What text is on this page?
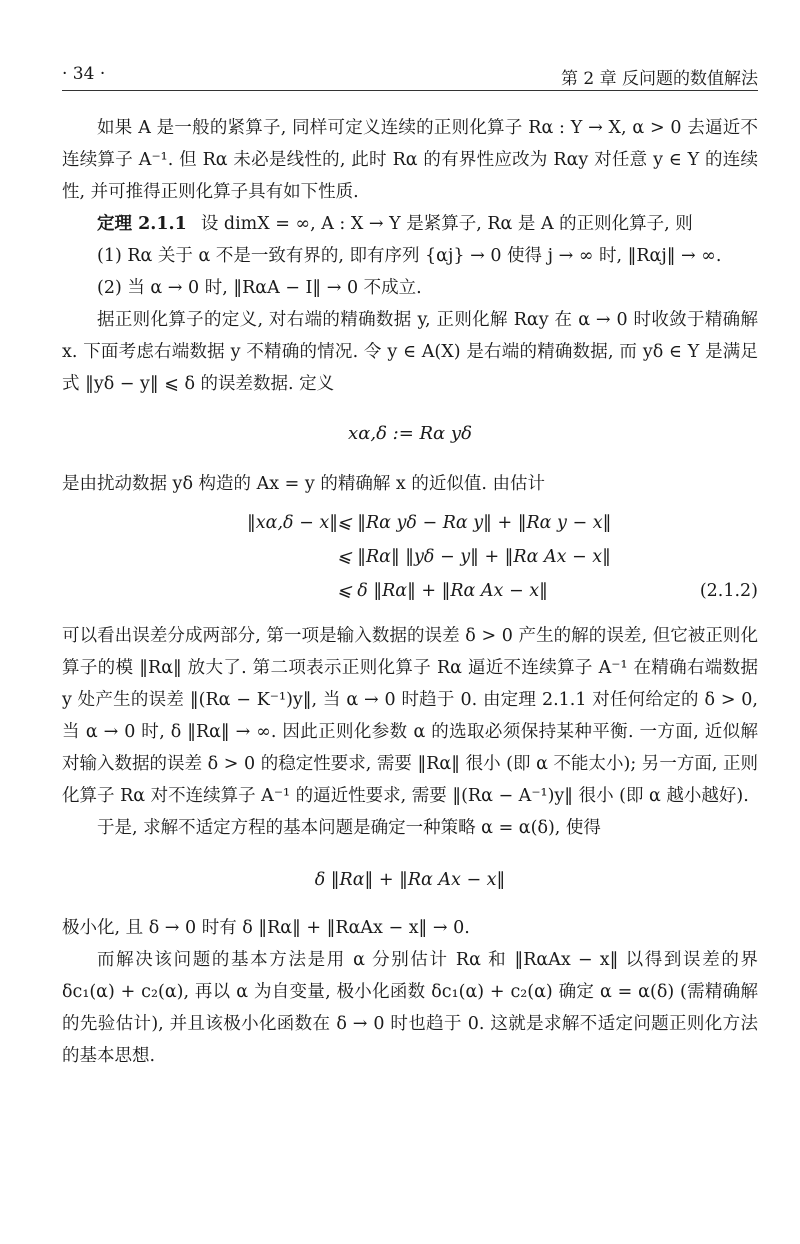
· 34 ·	第 2 章 反问题的数值解法

如果 A 是一般的紧算子, 同样可定义连续的正则化算子 Rα : Y → X, α > 0 去逼近不连续算子 A⁻¹. 但 Rα 未必是线性的, 此时 Rα 的有界性应改为 Rαy 对任意 y ∈ Y 的连续性, 并可推得正则化算子具有如下性质.

定理 2.1.1 设 dimX = ∞, A : X → Y 是紧算子, Rα 是 A 的正则化算子, 则

(1) Rα 关于 α 不是一致有界的, 即有序列 {αj} → 0 使得 j → ∞ 时, ‖Rαj‖ → ∞.

(2) 当 α → 0 时, ‖RαA − I‖ → 0 不成立.

据正则化算子的定义, 对右端的精确数据 y, 正则化解 Rαy 在 α → 0 时收敛于精确解 x. 下面考虑右端数据 y 不精确的情况. 令 y ∈ A(X) 是右端的精确数据, 而 yδ ∈ Y 是满足式 ‖yδ − y‖ ⩽ δ 的误差数据. 定义

xα,δ := Rα yδ

是由扰动数据 yδ 构造的 Ax = y 的精确解 x 的近似值. 由估计

‖xα,δ − x‖ ⩽ ‖Rα yδ − Rα y‖ + ‖Rα y − x‖
⩽ ‖Rα‖ ‖yδ − y‖ + ‖Rα Ax − x‖
⩽ δ ‖Rα‖ + ‖Rα Ax − x‖	(2.1.2)

可以看出误差分成两部分, 第一项是输入数据的误差 δ > 0 产生的解的误差, 但它被正则化算子的模 ‖Rα‖ 放大了. 第二项表示正则化算子 Rα 逼近不连续算子 A⁻¹ 在精确右端数据 y 处产生的误差 ‖(Rα − K⁻¹)y‖, 当 α → 0 时趋于 0. 由定理 2.1.1 对任何给定的 δ > 0, 当 α → 0 时, δ ‖Rα‖ → ∞. 因此正则化参数 α 的选取必须保持某种平衡. 一方面, 近似解对输入数据的误差 δ > 0 的稳定性要求, 需要 ‖Rα‖ 很小 (即 α 不能太小); 另一方面, 正则化算子 Rα 对不连续算子 A⁻¹ 的逼近性要求, 需要 ‖(Rα − A⁻¹)y‖ 很小 (即 α 越小越好).

于是, 求解不适定方程的基本问题是确定一种策略 α = α(δ), 使得

δ ‖Rα‖ + ‖Rα Ax − x‖

极小化, 且 δ → 0 时有 δ ‖Rα‖ + ‖RαAx − x‖ → 0.

而解决该问题的基本方法是用 α 分别估计 Rα 和 ‖RαAx − x‖ 以得到误差的界 δc₁(α) + c₂(α), 再以 α 为自变量, 极小化函数 δc₁(α) + c₂(α) 确定 α = α(δ) (需精确解的先验估计), 并且该极小化函数在 δ → 0 时也趋于 0. 这就是求解不适定问题正则化方法的基本思想.
